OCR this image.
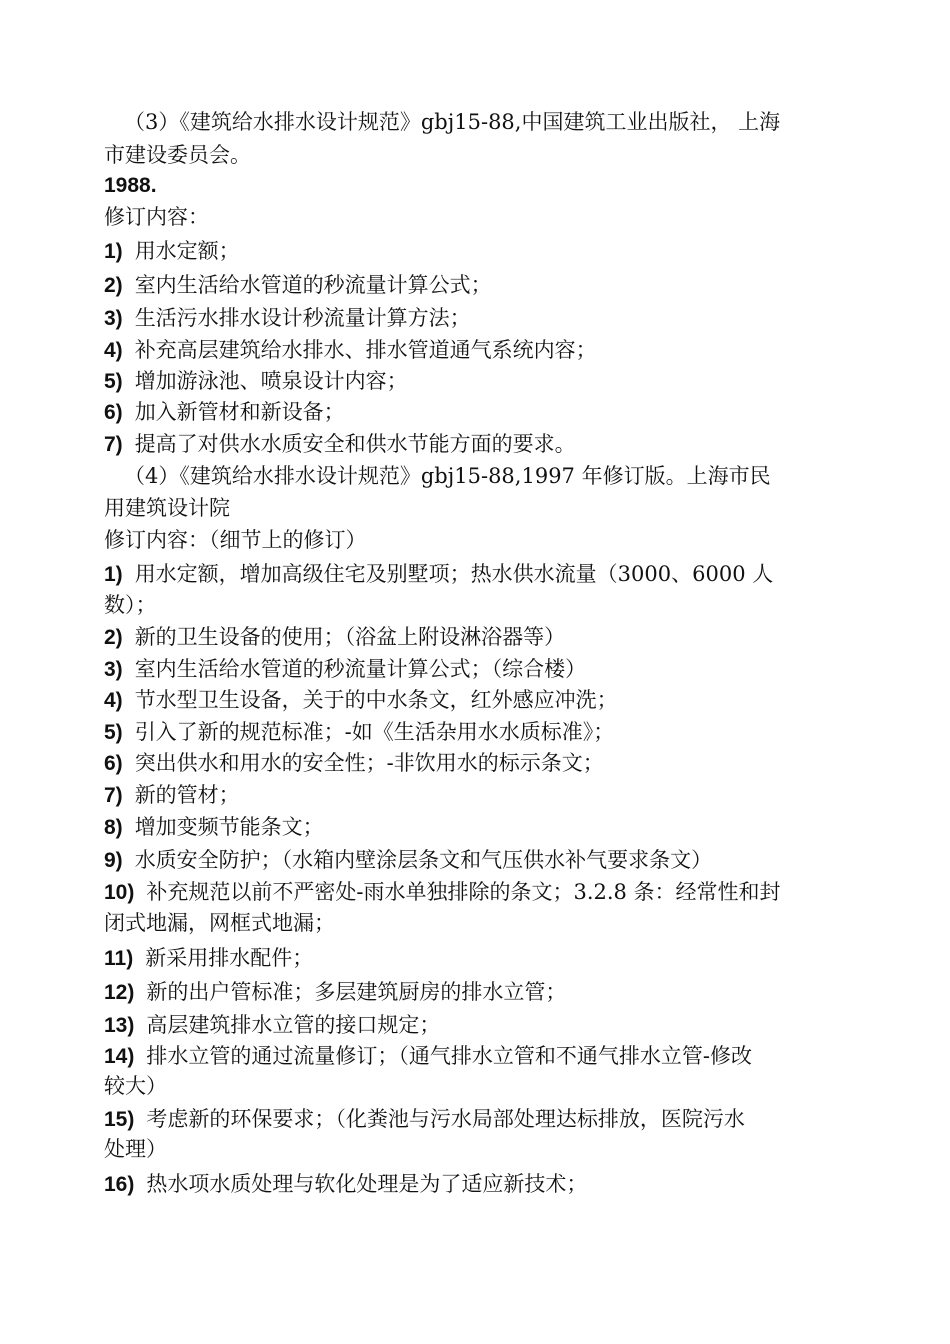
（3）《建筑给水排水设计规范》gbj15-88,中国建筑工业出版社， 上海
市建设委员会。
1988.
修订内容：
1) 用水定额；
2) 室内生活给水管道的秒流量计算公式；
3) 生活污水排水设计秒流量计算方法；
4) 补充高层建筑给水排水、排水管道通气系统内容；
5) 增加游泳池、喷泉设计内容；
6) 加入新管材和新设备；
7) 提高了对供水水质安全和供水节能方面的要求。
（4）《建筑给水排水设计规范》gbj15-88,1997 年修订版。上海市民
用建筑设计院
修订内容：（细节上的修订）
1) 用水定额，增加高级住宅及别墅项；热水供水流量（3000、6000 人
数）；
2) 新的卫生设备的使用；（浴盆上附设淋浴器等）
3) 室内生活给水管道的秒流量计算公式；（综合楼）
4) 节水型卫生设备，关于的中水条文，红外感应冲洗；
5) 引入了新的规范标准；-如《生活杂用水水质标准》；
6) 突出供水和用水的安全性；-非饮用水的标示条文；
7) 新的管材；
8) 增加变频节能条文；
9) 水质安全防护；（水箱内壁涂层条文和气压供水补气要求条文）
10) 补充规范以前不严密处-雨水单独排除的条文；3.2.8 条：经常性和封
闭式地漏，网框式地漏；
11) 新采用排水配件；
12) 新的出户管标准；多层建筑厨房的排水立管；
13) 高层建筑排水立管的接口规定；
14) 排水立管的通过流量修订；（通气排水立管和不通气排水立管-修改
较大）
15) 考虑新的环保要求；（化粪池与污水局部处理达标排放，医院污水
处理）
16) 热水项水质处理与软化处理是为了适应新技术；
